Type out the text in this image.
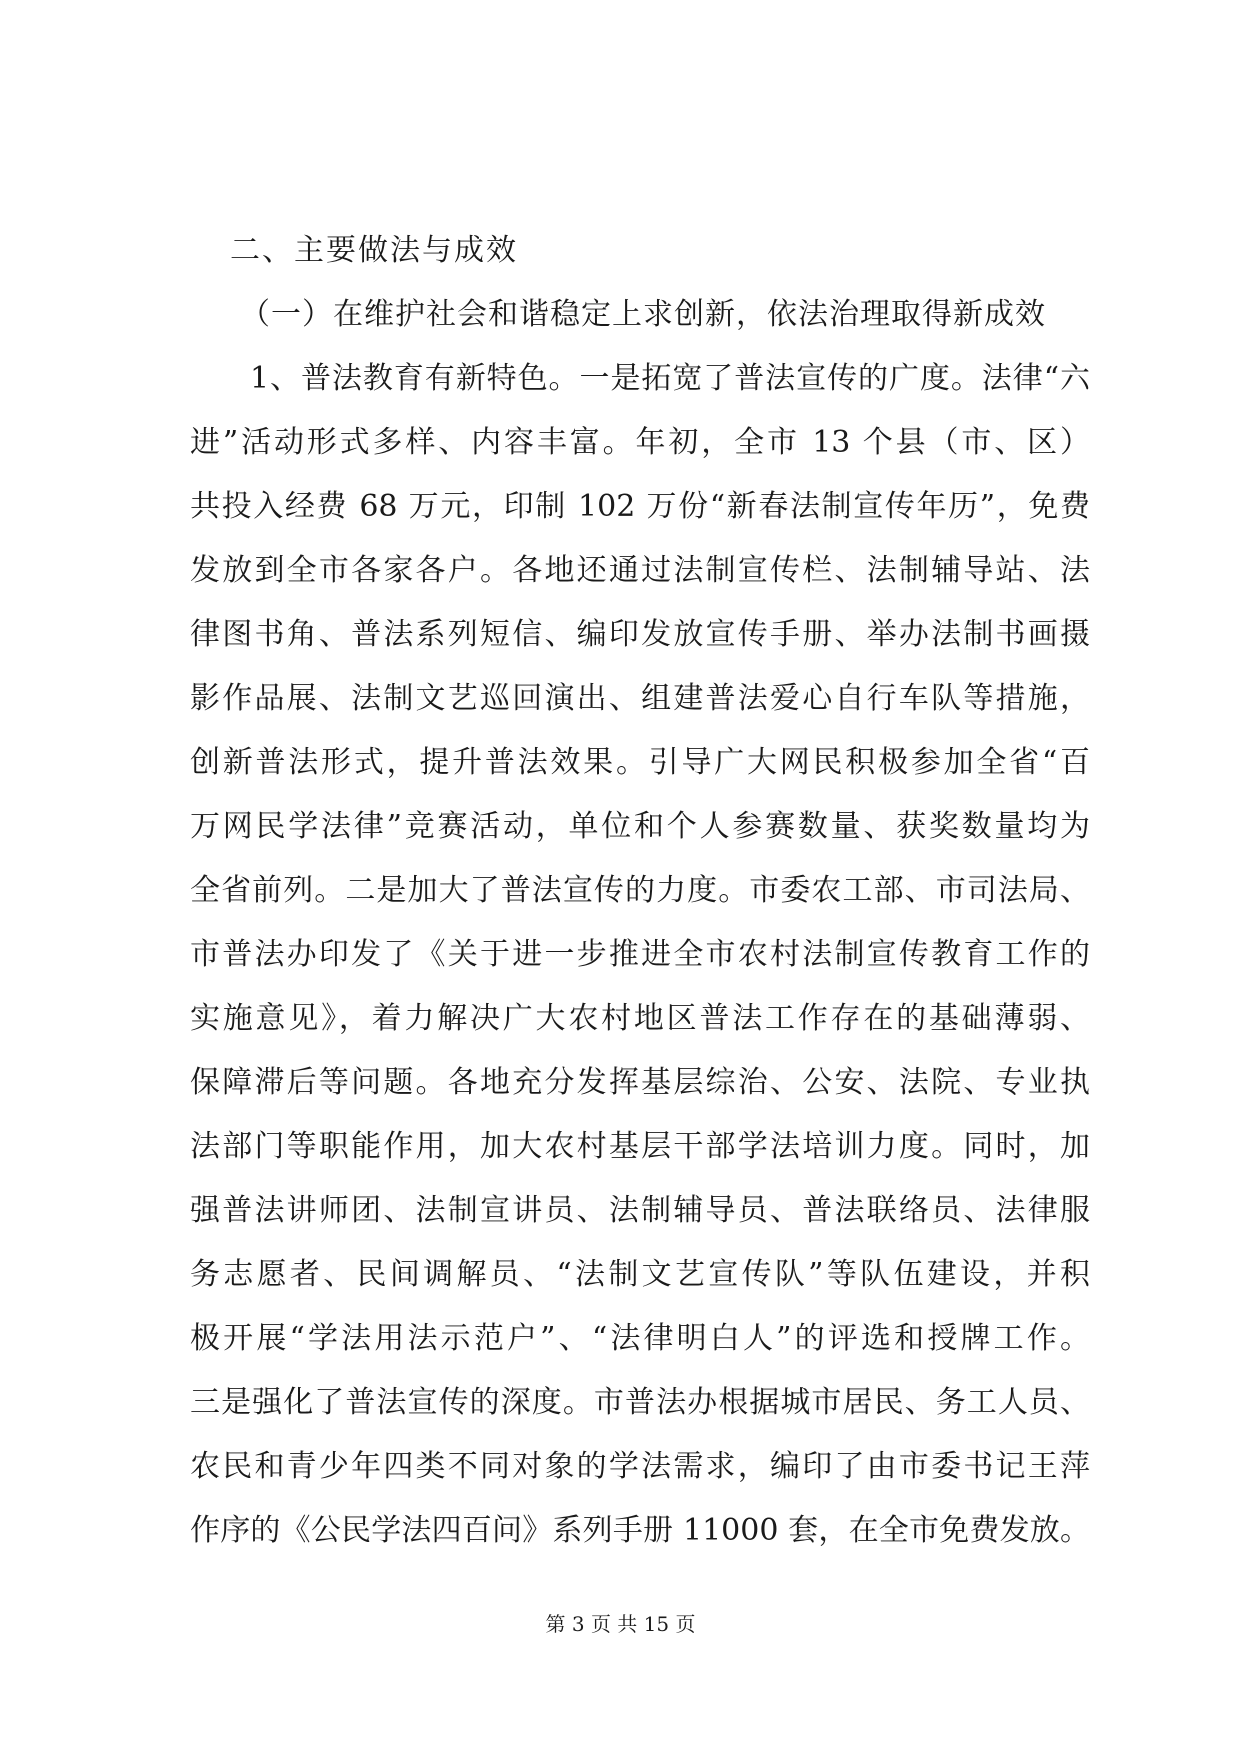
二、主要做法与成效
（一）在维护社会和谐稳定上求创新，依法治理取得新成效
1、普法教育有新特色。一是拓宽了普法宣传的广度。法律“六
进”活动形式多样、内容丰富。年初，全市 13 个县（市、区）
共投入经费 68 万元，印制 102 万份“新春法制宣传年历”，免费
发放到全市各家各户。各地还通过法制宣传栏、法制辅导站、法
律图书角、普法系列短信、编印发放宣传手册、举办法制书画摄
影作品展、法制文艺巡回演出、组建普法爱心自行车队等措施，
创新普法形式，提升普法效果。引导广大网民积极参加全省“百
万网民学法律”竞赛活动，单位和个人参赛数量、获奖数量均为
全省前列。二是加大了普法宣传的力度。市委农工部、市司法局、
市普法办印发了《关于进一步推进全市农村法制宣传教育工作的
实施意见》，着力解决广大农村地区普法工作存在的基础薄弱、
保障滞后等问题。各地充分发挥基层综治、公安、法院、专业执
法部门等职能作用，加大农村基层干部学法培训力度。同时，加
强普法讲师团、法制宣讲员、法制辅导员、普法联络员、法律服
务志愿者、民间调解员、“法制文艺宣传队”等队伍建设，并积
极开展“学法用法示范户”、“法律明白人”的评选和授牌工作。
三是强化了普法宣传的深度。市普法办根据城市居民、务工人员、
农民和青少年四类不同对象的学法需求，编印了由市委书记王萍
作序的《公民学法四百问》系列手册 11000 套，在全市免费发放。
第 3 页 共 15 页
